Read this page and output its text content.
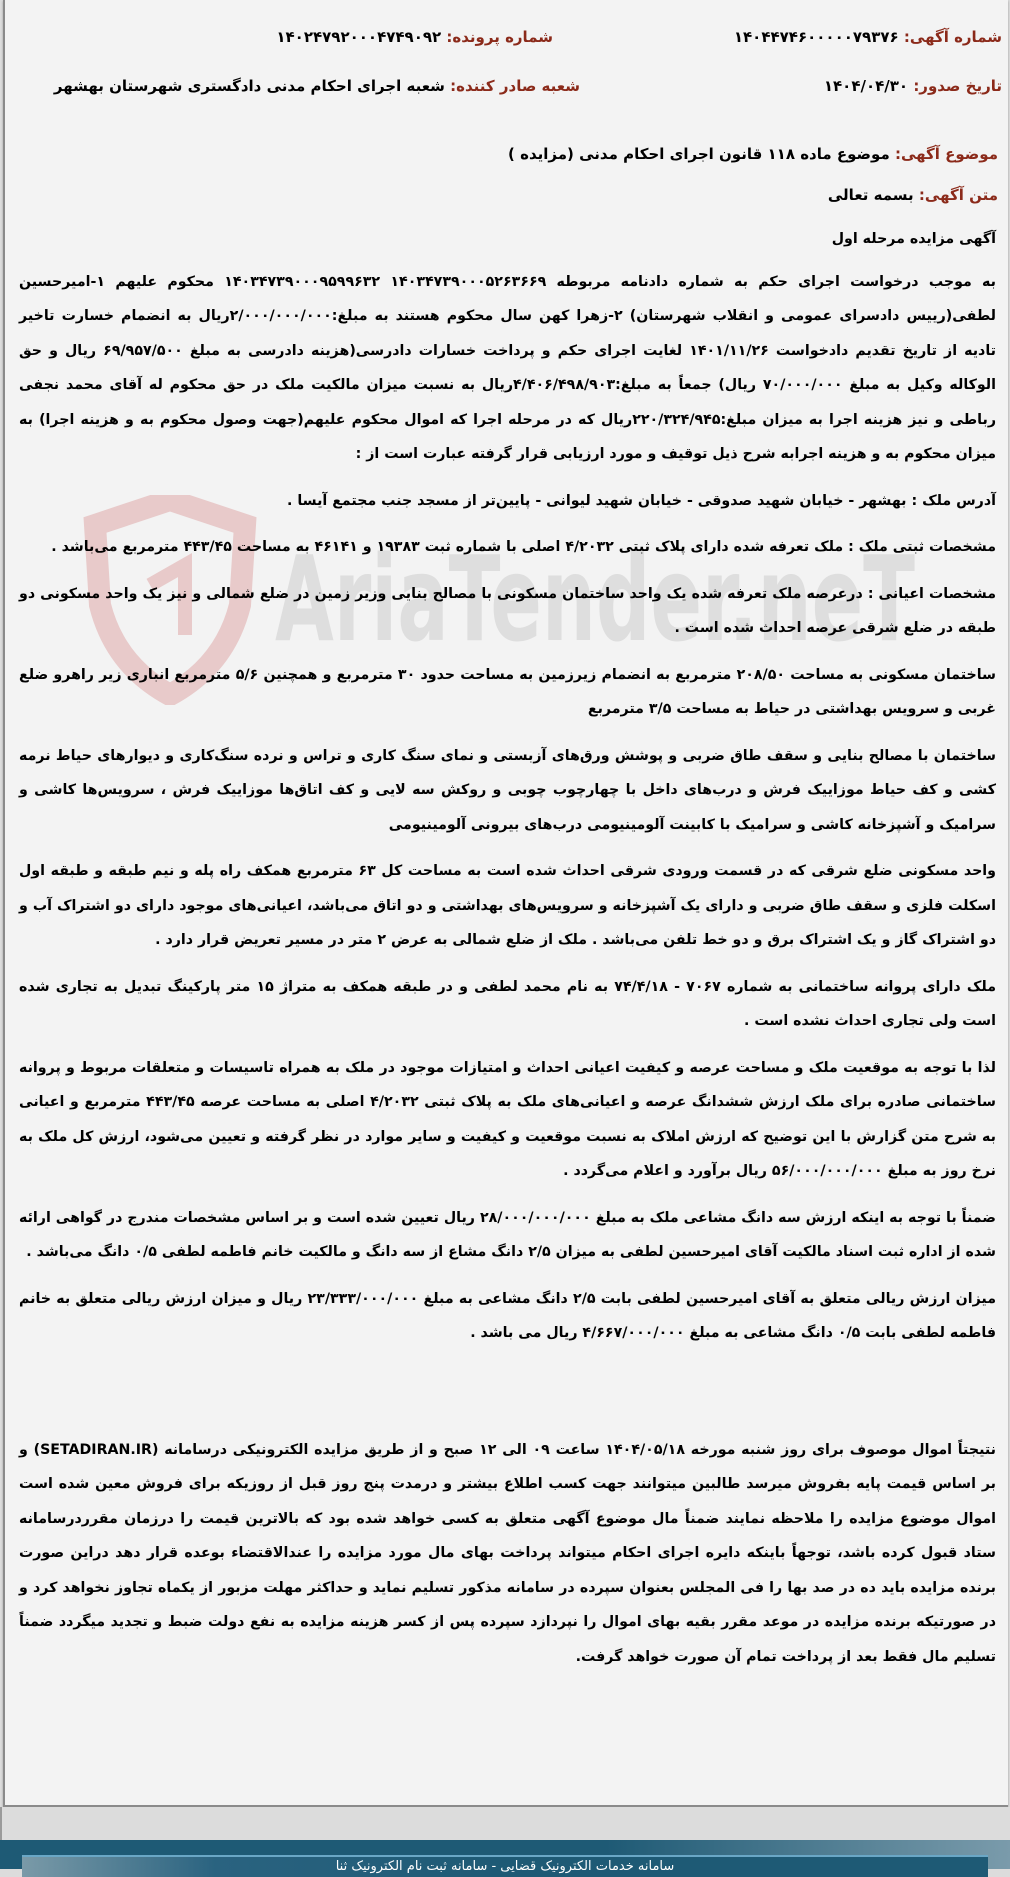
AriaTender.neT
شماره آگهی: ۱۴۰۴۴۷۴۶۰۰۰۰۰۷۹۳۷۶
شماره پرونده: ۱۴۰۲۴۷۹۲۰۰۰۴۷۴۹۰۹۲
تاریخ صدور: ۱۴۰۴/۰۴/۳۰
شعبه صادر کننده: شعبه اجرای احکام مدنی دادگستری شهرستان بهشهر
موضوع آگهی: موضوع ماده ۱۱۸ قانون اجرای احکام مدنی (مزایده )
متن آگهی: بسمه تعالی

آگهی مزایده مرحله اول

به موجب درخواست اجرای حکم به شماره دادنامه مربوطه ۱۴۰۳۴۷۳۹۰۰۰۵۲۶۳۶۶۹ ۱۴۰۳۴۷۳۹۰۰۰۹۵۹۹۶۳۲ محکوم علیهم ۱-امیرحسین لطفی(رییس دادسرای عمومی و انقلاب شهرستان) ۲-زهرا کهن سال محکوم هستند به مبلغ:۲/۰۰۰/۰۰۰/۰۰۰ریال به انضمام خسارت تاخیر تادیه از تاریخ تقدیم دادخواست ۱۴۰۱/۱۱/۲۶ لغایت اجرای حکم و پرداخت خسارات دادرسی(هزینه دادرسی به مبلغ ۶۹/۹۵۷/۵۰۰ ریال و حق الوکاله وکیل به مبلغ ۷۰/۰۰۰/۰۰۰ ریال) جمعاً به مبلغ:۴/۴۰۶/۴۹۸/۹۰۳ریال به نسبت میزان مالکیت ملک در حق محکوم له آقای محمد نجفی رباطی و نیز هزینه اجرا به میزان مبلغ:۲۲۰/۳۲۴/۹۴۵ریال که در مرحله اجرا که اموال محکوم علیهم(جهت وصول محکوم به و هزینه اجرا) به میزان محکوم به و هزینه اجرابه شرح ذیل توقیف و مورد ارزیابی قرار گرفته عبارت است از :

آدرس ملک : بهشهر - خیابان شهید صدوقی - خیابان شهید لیوانی - پایین‌تر از مسجد جنب مجتمع آیسا .

مشخصات ثبتی ملک : ملک تعرفه شده دارای پلاک ثبتی ۴/۲۰۳۲ اصلی با شماره ثبت ۱۹۳۸۳ و ۴۶۱۴۱ به مساحت ۴۴۳/۴۵ مترمربع می‌باشد .

مشخصات اعیانی : درعرصه ملک تعرفه شده یک واحد ساختمان مسکونی با مصالح بنایی وزیر زمین در ضلع شمالی و نیز یک واحد مسکونی دو طبقه در ضلع شرقی عرصه احداث شده است .

ساختمان مسکونی به مساحت ۲۰۸/۵۰ مترمربع به انضمام زیرزمین به مساحت حدود ۳۰ مترمربع و همچنین ۵/۶ مترمربع انباری زیر راهرو ضلع غربی و سرویس بهداشتی در حیاط به مساحت ۳/۵ مترمربع

ساختمان با مصالح بنایی و سقف طاق ضربی و پوشش ورق‌های آزبستی و نمای سنگ کاری و تراس و نرده سنگ‌کاری و دیوارهای حیاط نرمه کشی و کف حیاط موزاییک فرش و درب‌های داخل با چهارچوب چوبی و روکش سه لایی و کف اتاق‌ها موزاییک فرش ، سرویس‌ها کاشی و سرامیک و آشپزخانه کاشی و سرامیک با کابینت آلومینیومی درب‌های بیرونی آلومینیومی

واحد مسکونی ضلع شرقی که در قسمت ورودی شرقی احداث شده است به مساحت کل ۶۳ مترمربع همکف راه پله و نیم طبقه و طبقه اول اسکلت فلزی و سقف طاق ضربی و دارای یک آشپزخانه و سرویس‌های بهداشتی و دو اتاق می‌باشد، اعیانی‌های موجود دارای دو اشتراک آب و دو اشتراک گاز و یک اشتراک برق و دو خط تلفن می‌باشد . ملک از ضلع شمالی به عرض ۲ متر در مسیر تعریض قرار دارد .

ملک دارای پروانه ساختمانی به شماره ۷۰۶۷ - ۷۴/۴/۱۸ به نام محمد لطفی و در طبقه همکف به متراژ ۱۵ متر پارکینگ تبدیل به تجاری شده است ولی تجاری احداث نشده است .

لذا با توجه به موقعیت ملک و مساحت عرصه و کیفیت اعیانی احداث و امتیازات موجود در ملک به همراه تاسیسات و متعلقات مربوط و پروانه ساختمانی صادره برای ملک ارزش ششدانگ عرصه و اعیانی‌های ملک به پلاک ثبتی ۴/۲۰۳۲ اصلی به مساحت عرصه ۴۴۳/۴۵ مترمربع و اعیانی به شرح متن گزارش با این توضیح که ارزش املاک به نسبت موقعیت و کیفیت و سایر موارد در نظر گرفته و تعیین می‌شود، ارزش کل ملک به نرخ روز به مبلغ ۵۶/۰۰۰/۰۰۰/۰۰۰ ریال برآورد و اعلام می‌گردد .

ضمناً با توجه به اینکه ارزش سه دانگ مشاعی ملک به مبلغ ۲۸/۰۰۰/۰۰۰/۰۰۰ ریال تعیین شده است و بر اساس مشخصات مندرج در گواهی ارائه شده از اداره ثبت اسناد مالکیت آقای امیرحسین لطفی به میزان ۲/۵ دانگ مشاع از سه دانگ و مالکیت خانم فاطمه لطفی ۰/۵ دانگ می‌باشد .

میزان ارزش ریالی متعلق به آقای امیرحسین لطفی بابت ۲/۵ دانگ مشاعی به مبلغ ۲۳/۳۳۳/۰۰۰/۰۰۰ ریال و میزان ارزش ریالی متعلق به خانم فاطمه لطفی بابت ۰/۵ دانگ مشاعی به مبلغ ۴/۶۶۷/۰۰۰/۰۰۰ ریال می باشد .

نتیجتاً اموال موصوف برای روز شنبه مورخه ۱۴۰۴/۰۵/۱۸ ساعت ۰۹ الی ۱۲ صبح و از طریق مزایده الکترونیکی درسامانه (SETADIRAN.IR) و بر اساس قیمت پایه بفروش میرسد طالبین میتوانند جهت کسب اطلاع بیشتر و درمدت پنج روز قبل از روزیکه برای فروش معین شده است اموال موضوع مزایده را ملاحظه نمایند ضمناً مال موضوع آگهی متعلق به کسی خواهد شده بود که بالاترین قیمت را درزمان مقرردرسامانه ستاد قبول کرده باشد، توجهاً باینکه دایره اجرای احکام میتواند پرداخت بهای مال مورد مزایده را عندالاقتضاء بوعده قرار دهد دراین صورت برنده مزایده باید ده در صد بها را فی المجلس بعنوان سپرده در سامانه مذکور تسلیم نماید و حداکثر مهلت مزبور از یکماه تجاوز نخواهد کرد و در صورتیکه برنده مزایده در موعد مقرر بقیه بهای اموال را نپردازد سپرده پس از کسر هزینه مزایده به نفع دولت ضبط و تجدید میگردد ضمناً تسلیم مال فقط بعد از پرداخت تمام آن صورت خواهد گرفت.

سامانه خدمات الکترونیک قضایی - سامانه ثبت نام الکترونیک ثنا
